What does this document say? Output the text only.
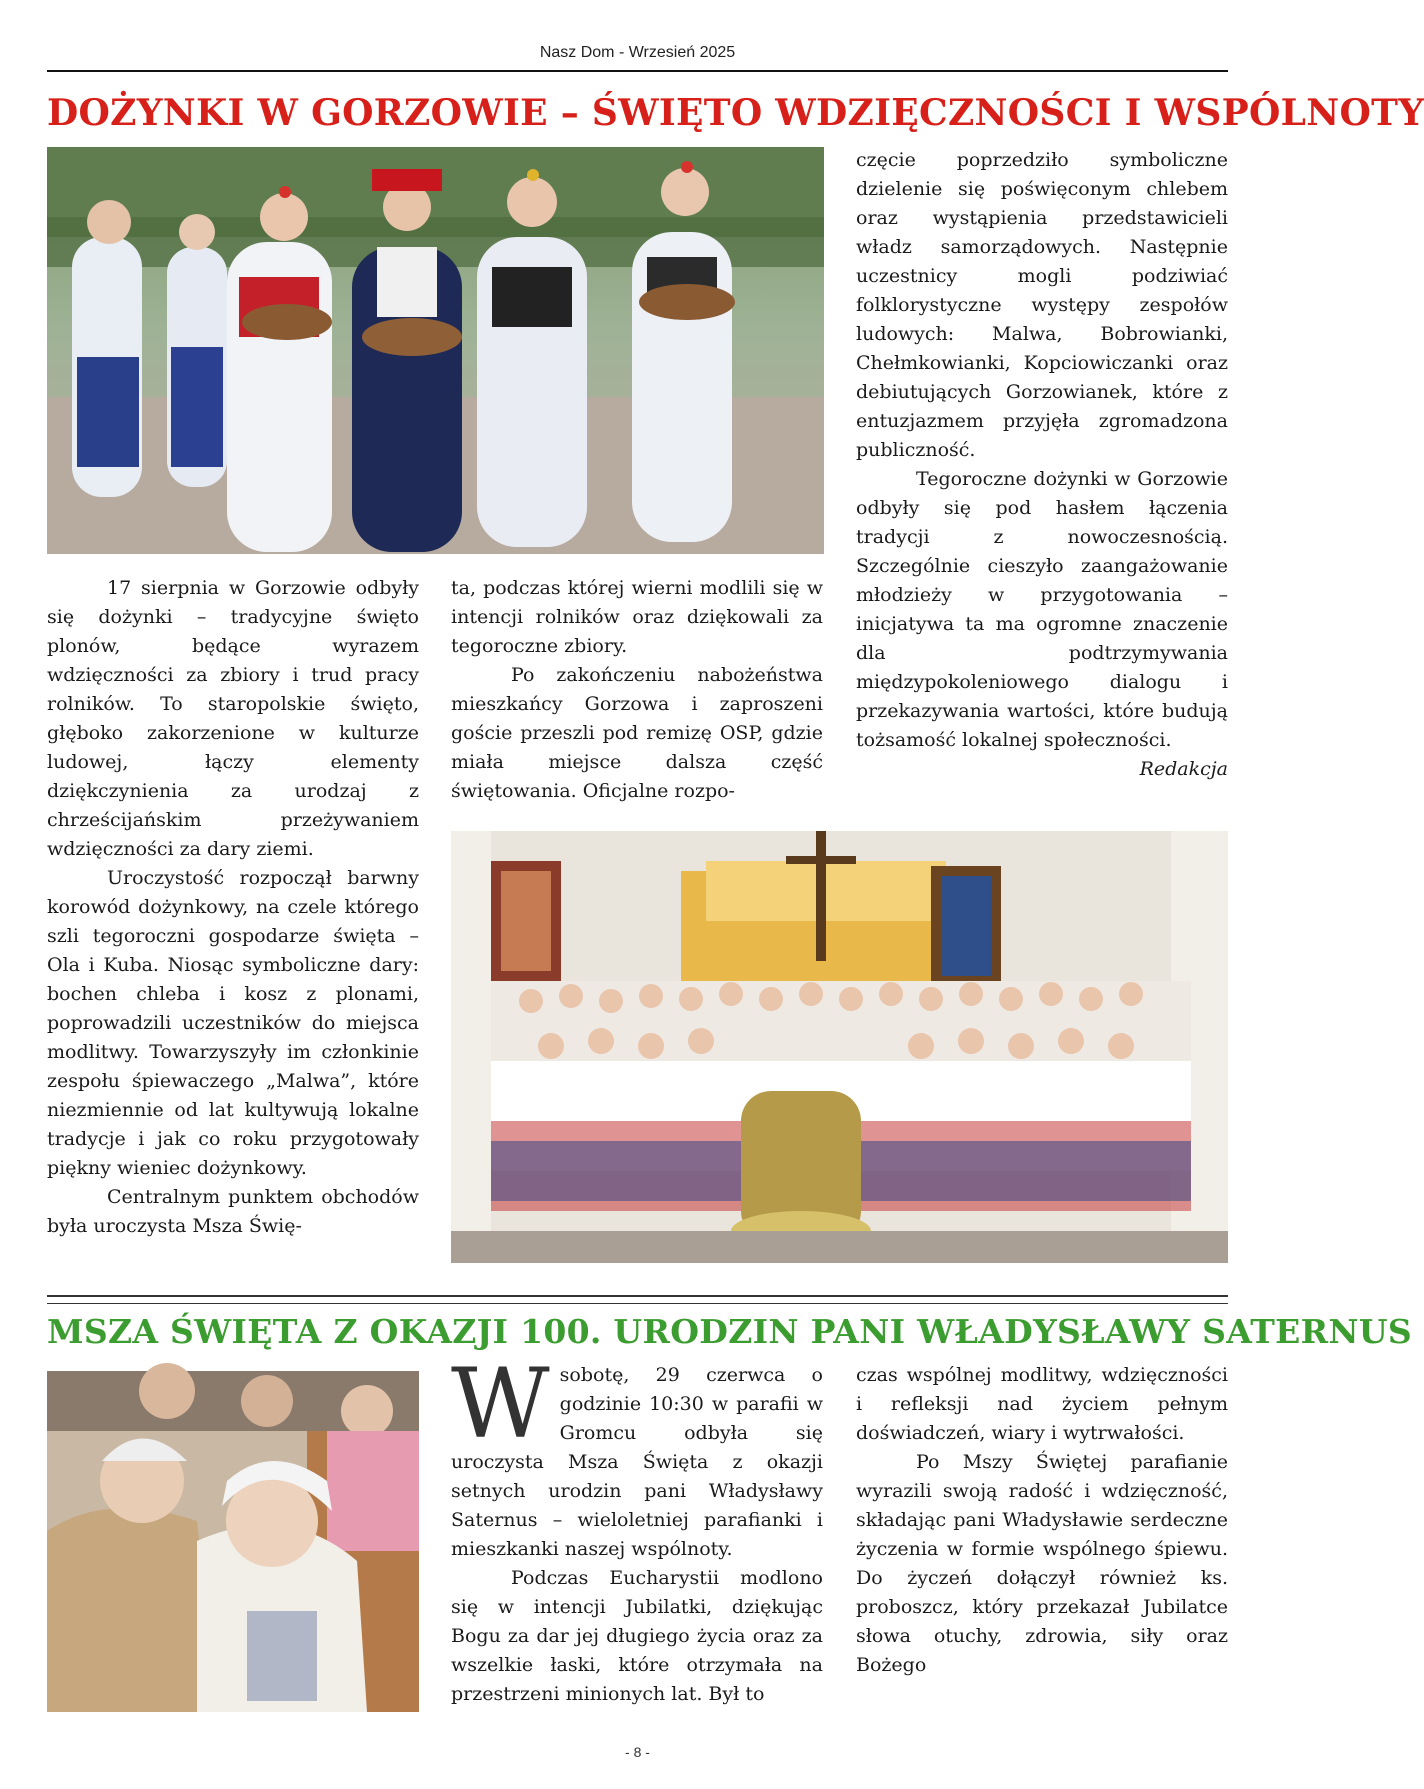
Nasz Dom - Wrzesień 2025
DOŻYNKI W GORZOWIE – ŚWIĘTO WDZIĘCZNOŚCI I WSPÓLNOTY

17 sierpnia w Gorzowie odbyły się dożynki – tradycyjne święto plonów, będące wyrazem wdzięczności za zbiory i trud pracy rolników. To staropolskie święto, głęboko zakorzenione w kulturze ludowej, łączy elementy dziękczynienia za urodzaj z chrześcijańskim przeżywaniem wdzięczności za dary ziemi.

Uroczystość rozpoczął barwny korowód dożynkowy, na czele którego szli tegoroczni gospodarze święta – Ola i Kuba. Niosąc symboliczne dary: bochen chleba i kosz z plonami, poprowadzili uczestników do miejsca modlitwy. Towarzyszyły im członkinie zespołu śpiewaczego „Malwa”, które niezmiennie od lat kultywują lokalne tradycje i jak co roku przygotowały piękny wieniec dożynkowy.

Centralnym punktem obchodów była uroczysta Msza Świę-

ta, podczas której wierni modlili się w intencji rolników oraz dziękowali za tegoroczne zbiory.

Po zakończeniu nabożeństwa mieszkańcy Gorzowa i zaproszeni goście przeszli pod remizę OSP, gdzie miała miejsce dalsza część świętowania. Oficjalne rozpo-

częcie poprzedziło symboliczne dzielenie się poświęconym chlebem oraz wystąpienia przedstawicieli władz samorządowych. Następnie uczestnicy mogli podziwiać folklorystyczne występy zespołów ludowych: Malwa, Bobrowianki, Chełmkowianki, Kopciowiczanki oraz debiutujących Gorzowianek, które z entuzjazmem przyjęła zgromadzona publiczność.

Tegoroczne dożynki w Gorzowie odbyły się pod hasłem łączenia tradycji z nowoczesnością. Szczególnie cieszyło zaangażowanie młodzieży w przygotowania – inicjatywa ta ma ogromne znaczenie dla podtrzymywania międzypokoleniowego dialogu i przekazywania wartości, które budują tożsamość lokalnej społeczności.

Redakcja

MSZA ŚWIĘTA Z OKAZJI 100. URODZIN PANI WŁADYSŁAWY SATERNUS
W sobotę, 29 czerwca o godzinie 10:30 w parafii w Gromcu odbyła się uroczysta Msza Święta z okazji setnych urodzin pani Władysławy Saternus – wieloletniej parafianki i mieszkanki naszej wspólnoty.

Podczas Eucharystii modlono się w intencji Jubilatki, dziękując Bogu za dar jej długiego życia oraz za wszelkie łaski, które otrzymała na przestrzeni minionych lat. Był to

czas wspólnej modlitwy, wdzięczności i refleksji nad życiem pełnym doświadczeń, wiary i wytrwałości.

Po Mszy Świętej parafianie wyrazili swoją radość i wdzięczność, składając pani Władysławie serdeczne życzenia w formie wspólnego śpiewu. Do życzeń dołączył również ks. proboszcz, który przekazał Jubilatce słowa otuchy, zdrowia, siły oraz Bożego

- 8 -
